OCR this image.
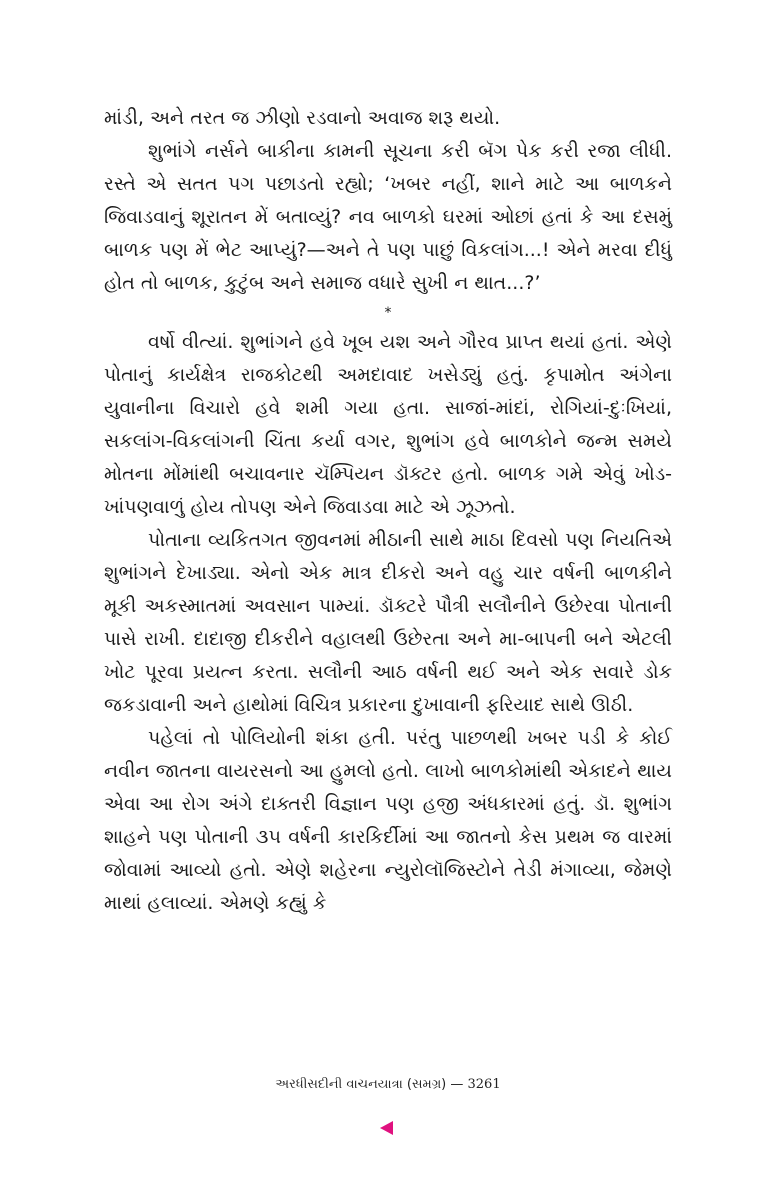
માંડી, અને તરત જ ઝીણો રડવાનો અવાજ શરૂ થયો.

શુભાંગે નર્સને બાકીના કામની સૂચના કરી બૅગ પેક કરી રજા લીધી. રસ્તે એ સતત પગ પછાડતો રહ્યો; ‘ખબર નહીં, શાને માટે આ બાળકને જિવાડવાનું શૂરાતન મેં બતાવ્યું? નવ બાળકો ઘરમાં ઓછાં હતાં કે આ દસમું બાળક પણ મેં ભેટ આપ્યું?—અને તે પણ પાછું વિકલાંગ...! એને મરવા દીધું હોત તો બાળક, કુટુંબ અને સમાજ વધારે સુખી ન થાત...?’

*

વર્ષો વીત્યાં. શુભાંગને હવે ખૂબ યશ અને ગૌરવ પ્રાપ્ત થયાં હતાં. એણે પોતાનું કાર્યક્ષેત્ર રાજકોટથી અમદાવાદ ખસેડ્યું હતું. કૃપામોત અંગેના યુવાનીના વિચારો હવે શમી ગયા હતા. સાજાં-માંદાં, રોગિયાં-દુઃખિયાં, સકલાંગ-વિકલાંગની ચિંતા કર્યા વગર, શુભાંગ હવે બાળકોને જન્મ સમયે મોતના મોંમાંથી બચાવનાર ચૅમ્પિયન ડૉક્ટર હતો. બાળક ગમે એવું ખોડ-ખાંપણવાળું હોય તોપણ એને જિવાડવા માટે એ ઝૂઝતો.

પોતાના વ્યકિતગત જીવનમાં મીઠાની સાથે માઠા દિવસો પણ નિયતિએ શુભાંગને દેખાડ્યા. એનો એક માત્ર દીકરો અને વહુ ચાર વર્ષની બાળકીને મૂકી અકસ્માતમાં અવસાન પામ્યાં. ડૉક્ટરે પૌત્રી સલૌનીને ઉછેરવા પોતાની પાસે રાખી. દાદાજી દીકરીને વહાલથી ઉછેરતા અને મા-બાપની બને એટલી ખોટ પૂરવા પ્રયત્ન કરતા. સલૌની આઠ વર્ષની થઈ અને એક સવારે ડોક જકડાવાની અને હાથોમાં વિચિત્ર પ્રકારના દુખાવાની ફરિયાદ સાથે ઊઠી.

પહેલાં તો પોલિયોની શંકા હતી. પરંતુ પાછળથી ખબર પડી કે કોઈ નવીન જાતના વાયરસનો આ હુમલો હતો. લાખો બાળકોમાંથી એકાદને થાય એવા આ રોગ અંગે દાક્તરી વિજ્ઞાન પણ હજી અંધકારમાં હતું. ડૉ. શુભાંગ શાહને પણ પોતાની ૩૫ વર્ષની કારકિર્દીમાં આ જાતનો કેસ પ્રથમ જ વારમાં જોવામાં આવ્યો હતો. એણે શહેરના ન્યુરોલૉજિસ્ટોને તેડી મંગાવ્યા, જેમણે માથાં હલાવ્યાં. એમણે કહ્યું કે

અરધીસદીની વાચનયાત્રા (સમગ્ર) — 3261
